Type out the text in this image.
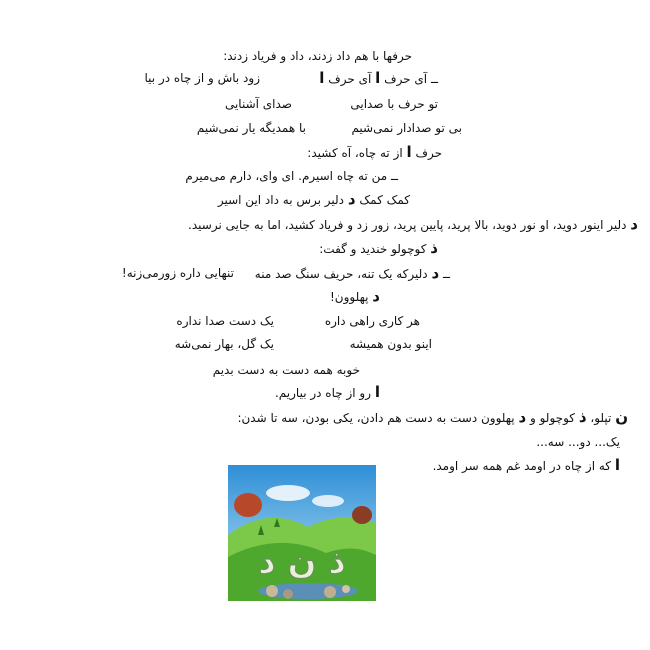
حرفها با هم داد زدند، داد و فریاد زدند:
ــ آی حرف ا آی حرف ا
زود باش و از چاه در بیا
تو حرف با صدایی
صدای آشنایی
بی تو صدادار نمی‌شیم
با همدیگه یار نمی‌شیم
حرف ا از ته چاه، آه کشید:
ــ من ته چاه اسیرم. ای وای، دارم می‌میرم
کمک کمک د دلیر برس به داد این اسیر
د دلیر اینور دوید، او نور دوید، بالا پرید، پایین پرید، زور زد و فریاد کشید، اما به جایی نرسید.
ذ کوچولو خندید و گفت:
ــ د دلیرکه یک تنه، حریف سنگ صد منه
تنهایی داره زورمی‌زنه!
د پهلوون!
هر کاری راهی داره
یک دست صدا نداره
اینو بدون همیشه
یک گل، بهار نمی‌شه
خوبه همه دست به دست بدیم
ا رو از چاه در بیاریم.
ن تپلو، ذ کوچولو و د پهلوون دست به دست هم دادن، یکی بودن، سه تا شدن:
یک... دو... سه...
ا که از چاه در اومد غم همه سر اومد.
ذ ن د
